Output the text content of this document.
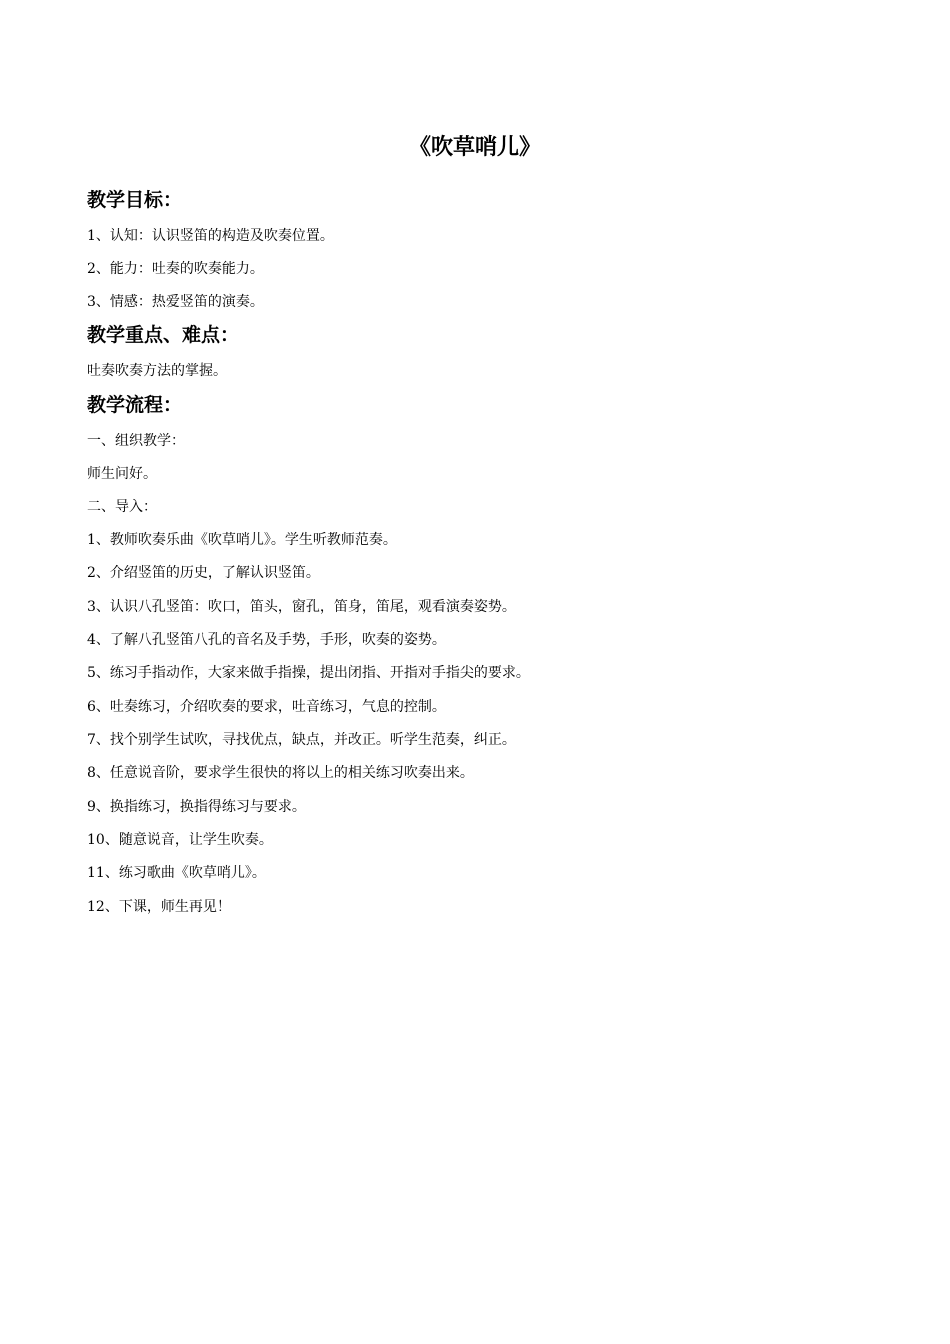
《吹草哨儿》
教学目标：

1、认知：认识竖笛的构造及吹奏位置。

2、能力：吐奏的吹奏能力。

3、情感：热爱竖笛的演奏。

教学重点、难点：

吐奏吹奏方法的掌握。

教学流程：

一、组织教学：

师生问好。

二、导入：

1、教师吹奏乐曲《吹草哨儿》。学生听教师范奏。

2、介绍竖笛的历史，了解认识竖笛。

3、认识八孔竖笛：吹口，笛头，窗孔，笛身，笛尾，观看演奏姿势。

4、了解八孔竖笛八孔的音名及手势，手形，吹奏的姿势。

5、练习手指动作，大家来做手指操，提出闭指、开指对手指尖的要求。

6、吐奏练习，介绍吹奏的要求，吐音练习，气息的控制。

7、找个别学生试吹，寻找优点，缺点，并改正。听学生范奏，纠正。

8、任意说音阶，要求学生很快的将以上的相关练习吹奏出来。

9、换指练习，换指得练习与要求。

10、随意说音，让学生吹奏。

11、练习歌曲《吹草哨儿》。

12、下课，师生再见！
